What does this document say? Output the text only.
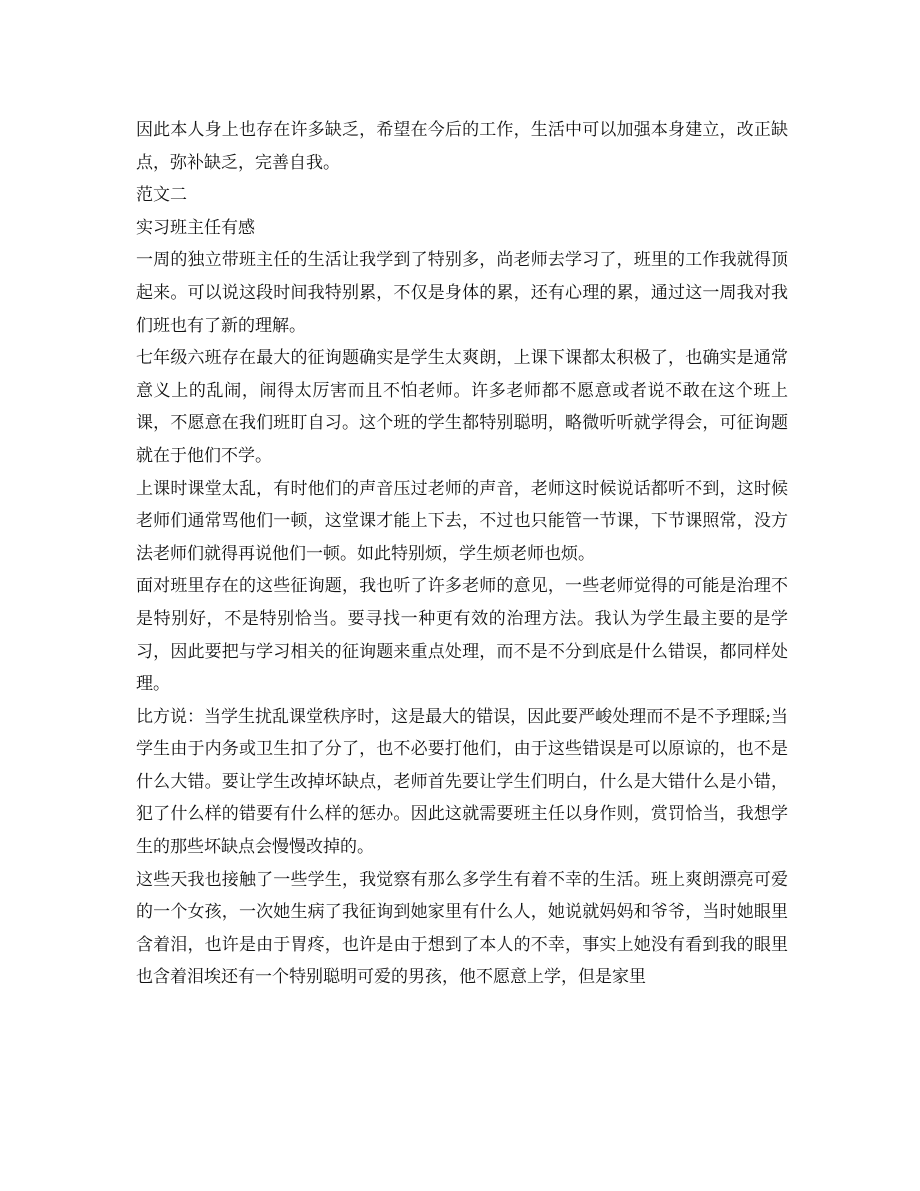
因此本人身上也存在许多缺乏，希望在今后的工作，生活中可以加强本身建立，改正缺点，弥补缺乏，完善自我。

范文二

实习班主任有感

一周的独立带班主任的生活让我学到了特别多，尚老师去学习了，班里的工作我就得顶起来。可以说这段时间我特别累，不仅是身体的累，还有心理的累，通过这一周我对我们班也有了新的理解。

七年级六班存在最大的征询题确实是学生太爽朗，上课下课都太积极了，也确实是通常意义上的乱闹，闹得太厉害而且不怕老师。许多老师都不愿意或者说不敢在这个班上课，不愿意在我们班盯自习。这个班的学生都特别聪明，略微听听就学得会，可征询题就在于他们不学。

上课时课堂太乱，有时他们的声音压过老师的声音，老师这时候说话都听不到，这时候老师们通常骂他们一顿，这堂课才能上下去，不过也只能管一节课，下节课照常，没方法老师们就得再说他们一顿。如此特别烦，学生烦老师也烦。

面对班里存在的这些征询题，我也听了许多老师的意见，一些老师觉得的可能是治理不是特别好，不是特别恰当。要寻找一种更有效的治理方法。我认为学生最主要的是学习，因此要把与学习相关的征询题来重点处理，而不是不分到底是什么错误，都同样处理。

比方说：当学生扰乱课堂秩序时，这是最大的错误，因此要严峻处理而不是不予理睬;当学生由于内务或卫生扣了分了，也不必要打他们，由于这些错误是可以原谅的，也不是什么大错。要让学生改掉坏缺点，老师首先要让学生们明白，什么是大错什么是小错，犯了什么样的错要有什么样的惩办。因此这就需要班主任以身作则，赏罚恰当，我想学生的那些坏缺点会慢慢改掉的。

这些天我也接触了一些学生，我觉察有那么多学生有着不幸的生活。班上爽朗漂亮可爱的一个女孩，一次她生病了我征询到她家里有什么人，她说就妈妈和爷爷，当时她眼里含着泪，也许是由于胃疼，也许是由于想到了本人的不幸，事实上她没有看到我的眼里也含着泪埃还有一个特别聪明可爱的男孩，他不愿意上学，但是家里
